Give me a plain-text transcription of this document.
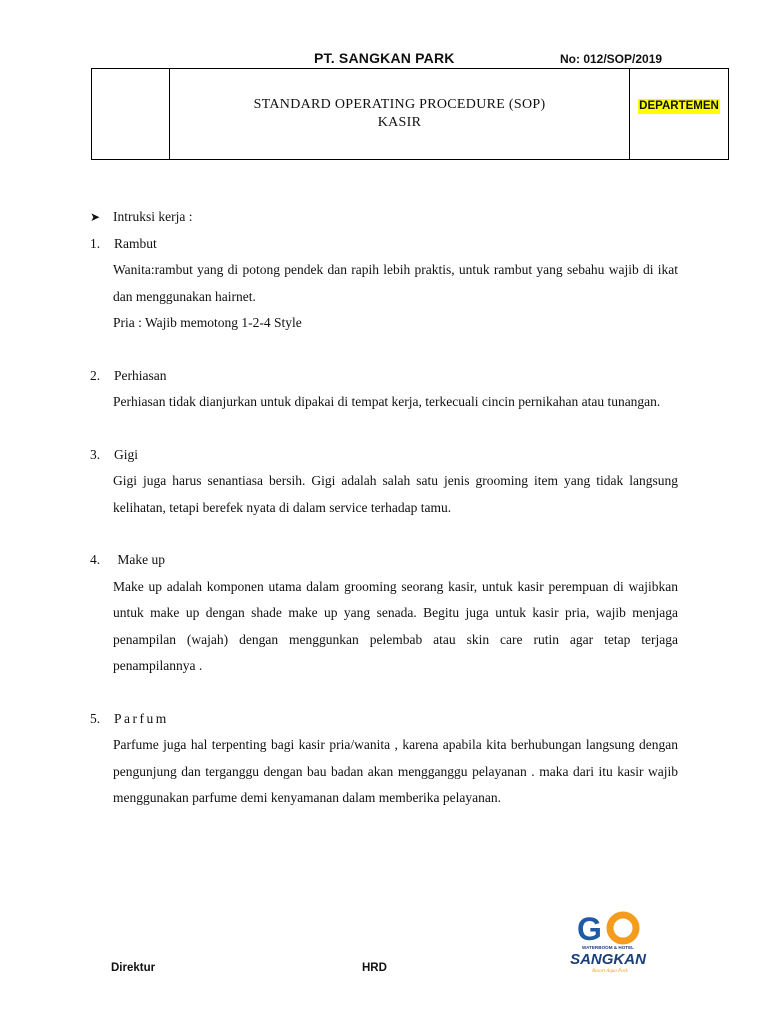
PT. SANGKAN PARK	No: 012/SOP/2019
STANDARD OPERATING PROCEDURE (SOP)
KASIR
DEPARTEMEN
➤ Intruksi kerja :
1.	Rambut
Wanita:rambut yang di potong pendek dan rapih lebih praktis, untuk rambut yang sebahu wajib di ikat dan menggunakan hairnet.
Pria : Wajib memotong 1-2-4 Style
2.	Perhiasan
Perhiasan tidak dianjurkan untuk dipakai di tempat kerja, terkecuali cincin pernikahan atau tunangan.
3.	Gigi
Gigi juga harus senantiasa bersih. Gigi adalah salah satu jenis grooming item yang tidak langsung kelihatan, tetapi berefek nyata di dalam service terhadap tamu.
4.	Make up
Make up adalah komponen utama dalam grooming seorang kasir, untuk kasir perempuan di wajibkan untuk make up dengan shade make up yang senada. Begitu juga untuk kasir pria, wajib menjaga penampilan (wajah) dengan menggunkan pelembab atau skin care rutin agar tetap terjaga penampilannya .
5.	Parfum
Parfume juga hal terpenting bagi kasir pria/wanita , karena apabila kita berhubungan langsung dengan pengunjung dan terganggu dengan bau badan akan mengganggu pelayanan . maka dari itu kasir wajib menggunakan parfume demi kenyamanan dalam memberika pelayanan.
Direktur	HRD
G
WATERBOOM & HOTEL
SANGKAN
Resort Aqua Park
